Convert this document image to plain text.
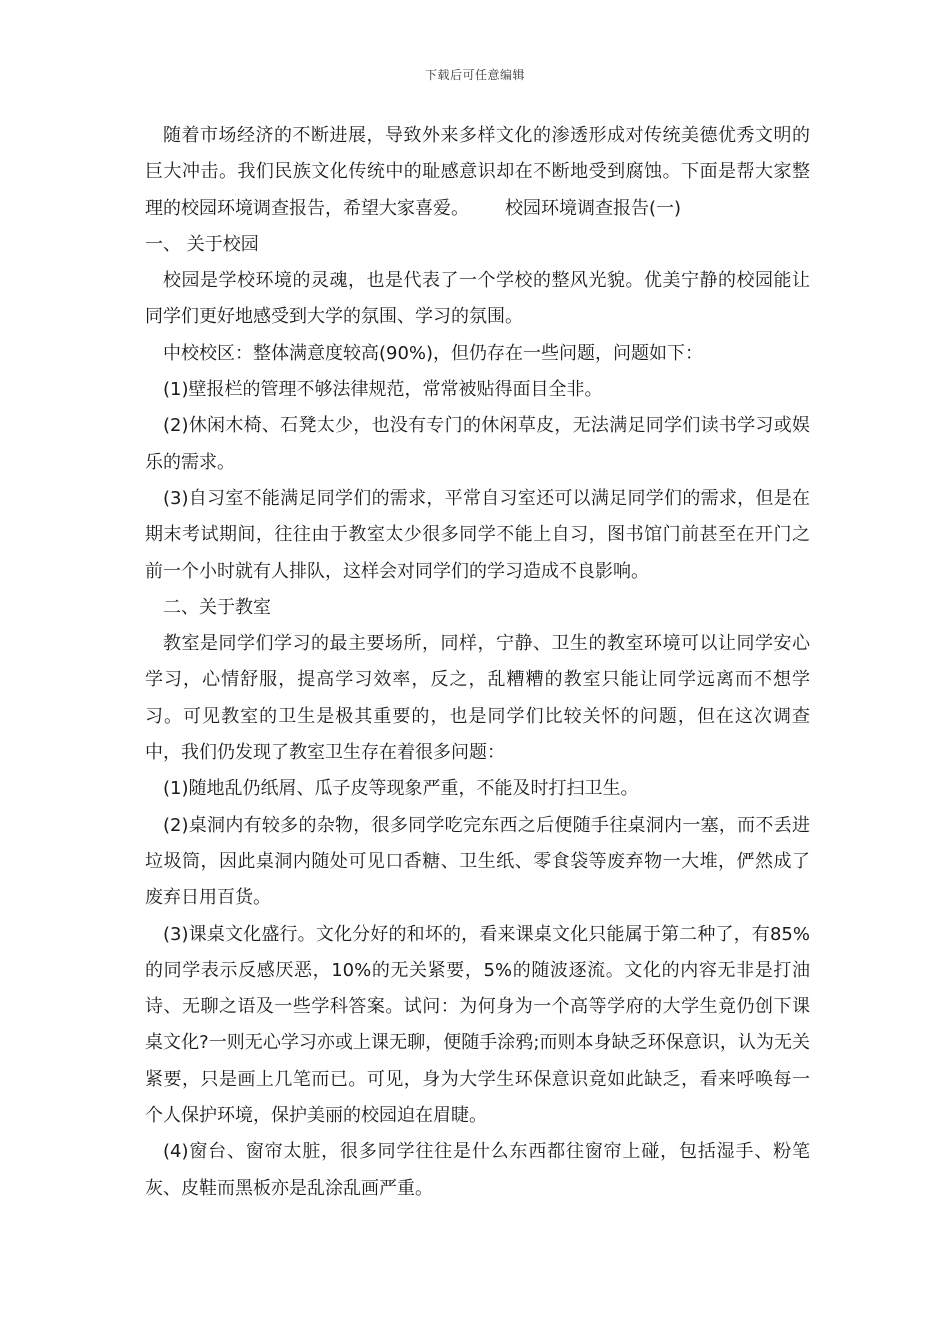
下载后可任意编辑

随着市场经济的不断进展，导致外来多样文化的渗透形成对传统美德优秀文明的巨大冲击。我们民族文化传统中的耻感意识却在不断地受到腐蚀。下面是帮大家整理的校园环境调查报告，希望大家喜爱。 校园环境调查报告(一)

一、 关于校园

校园是学校环境的灵魂，也是代表了一个学校的整风光貌。优美宁静的校园能让同学们更好地感受到大学的氛围、学习的氛围。

中校校区：整体满意度较高(90%)，但仍存在一些问题，问题如下：

(1)壁报栏的管理不够法律规范，常常被贴得面目全非。

(2)休闲木椅、石凳太少，也没有专门的休闲草皮，无法满足同学们读书学习或娱乐的需求。

(3)自习室不能满足同学们的需求，平常自习室还可以满足同学们的需求，但是在期末考试期间，往往由于教室太少很多同学不能上自习，图书馆门前甚至在开门之前一个小时就有人排队，这样会对同学们的学习造成不良影响。

二、关于教室

教室是同学们学习的最主要场所，同样，宁静、卫生的教室环境可以让同学安心学习，心情舒服，提高学习效率，反之，乱糟糟的教室只能让同学远离而不想学习。可见教室的卫生是极其重要的，也是同学们比较关怀的问题，但在这次调查中，我们仍发现了教室卫生存在着很多问题：

(1)随地乱仍纸屑、瓜子皮等现象严重，不能及时打扫卫生。

(2)桌洞内有较多的杂物，很多同学吃完东西之后便随手往桌洞内一塞，而不丢进垃圾筒，因此桌洞内随处可见口香糖、卫生纸、零食袋等废弃物一大堆，俨然成了废弃日用百货。

(3)课桌文化盛行。文化分好的和坏的，看来课桌文化只能属于第二种了，有85%的同学表示反感厌恶，10%的无关紧要，5%的随波逐流。文化的内容无非是打油诗、无聊之语及一些学科答案。试问：为何身为一个高等学府的大学生竟仍创下课桌文化?一则无心学习亦或上课无聊，便随手涂鸦;而则本身缺乏环保意识，认为无关紧要，只是画上几笔而已。可见，身为大学生环保意识竟如此缺乏，看来呼唤每一个人保护环境，保护美丽的校园迫在眉睫。

(4)窗台、窗帘太脏，很多同学往往是什么东西都往窗帘上碰，包括湿手、粉笔灰、皮鞋而黑板亦是乱涂乱画严重。
